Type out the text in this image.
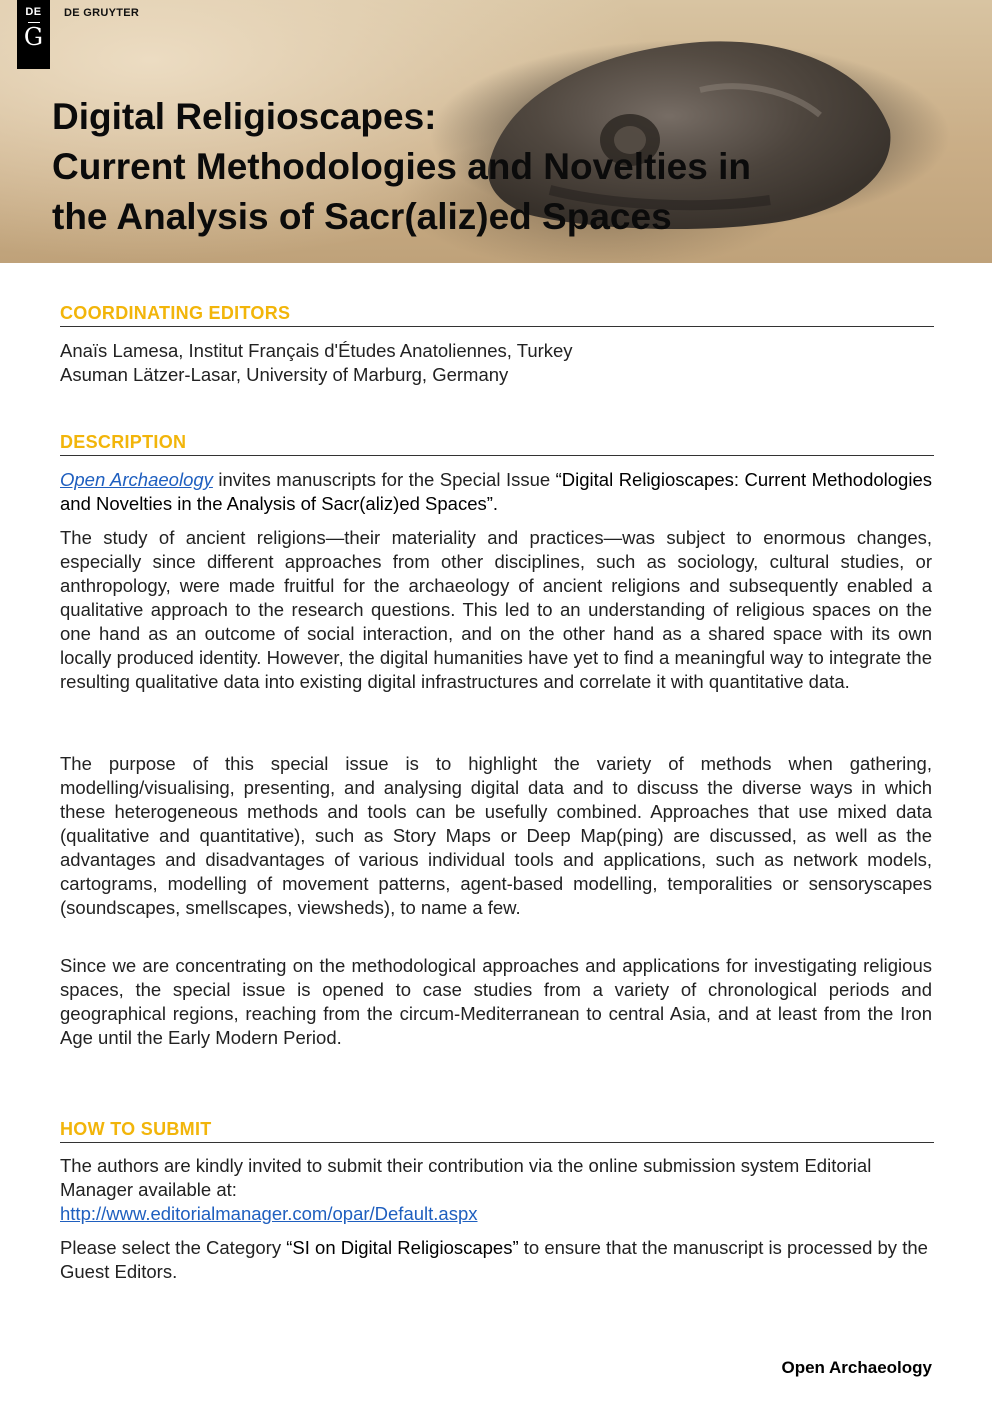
DE
G
DE GRUYTER
Digital Religioscapes:
Current Methodologies and Novelties in
the Analysis of Sacr(aliz)ed Spaces
COORDINATING EDITORS
Anaïs Lamesa, Institut Français d'Études Anatoliennes, Turkey
Asuman Lätzer-Lasar, University of Marburg, Germany
DESCRIPTION

Open Archaeology invites manuscripts for the Special Issue “Digital Religioscapes: Current Methodologies and Novelties in the Analysis of Sacr(aliz)ed Spaces”.

The study of ancient religions—their materiality and practices—was subject to enormous changes, especially since different approaches from other disciplines, such as sociology, cultural studies, or anthropology, were made fruitful for the archaeology of ancient religions and subsequently enabled a qualitative approach to the research questions. This led to an understanding of religious spaces on the one hand as an outcome of social interaction, and on the other hand as a shared space with its own locally produced identity. However, the digital humanities have yet to find a meaningful way to integrate the resulting qualitative data into existing digital infrastructures and correlate it with quantitative data.

The purpose of this special issue is to highlight the variety of methods when gathering, modelling/visualising, presenting, and analysing digital data and to discuss the diverse ways in which these heterogeneous methods and tools can be usefully combined. Approaches that use mixed data (qualitative and quantitative), such as Story Maps or Deep Map(ping) are discussed, as well as the advantages and disadvantages of various individual tools and applications, such as network models, cartograms, modelling of movement patterns, agent-based modelling, temporalities or sensoryscapes (soundscapes, smellscapes, viewsheds), to name a few.

Since we are concentrating on the methodological approaches and applications for investigating religious spaces, the special issue is opened to case studies from a variety of chronological periods and geographical regions, reaching from the circum-Mediterranean to central Asia, and at least from the Iron Age until the Early Modern Period.

HOW TO SUBMIT

The authors are kindly invited to submit their contribution via the online submission system Editorial Manager available at:
http://www.editorialmanager.com/opar/Default.aspx

Please select the Category “SI on Digital Religioscapes” to ensure that the manuscript is processed by the Guest Editors.

Open Archaeology
